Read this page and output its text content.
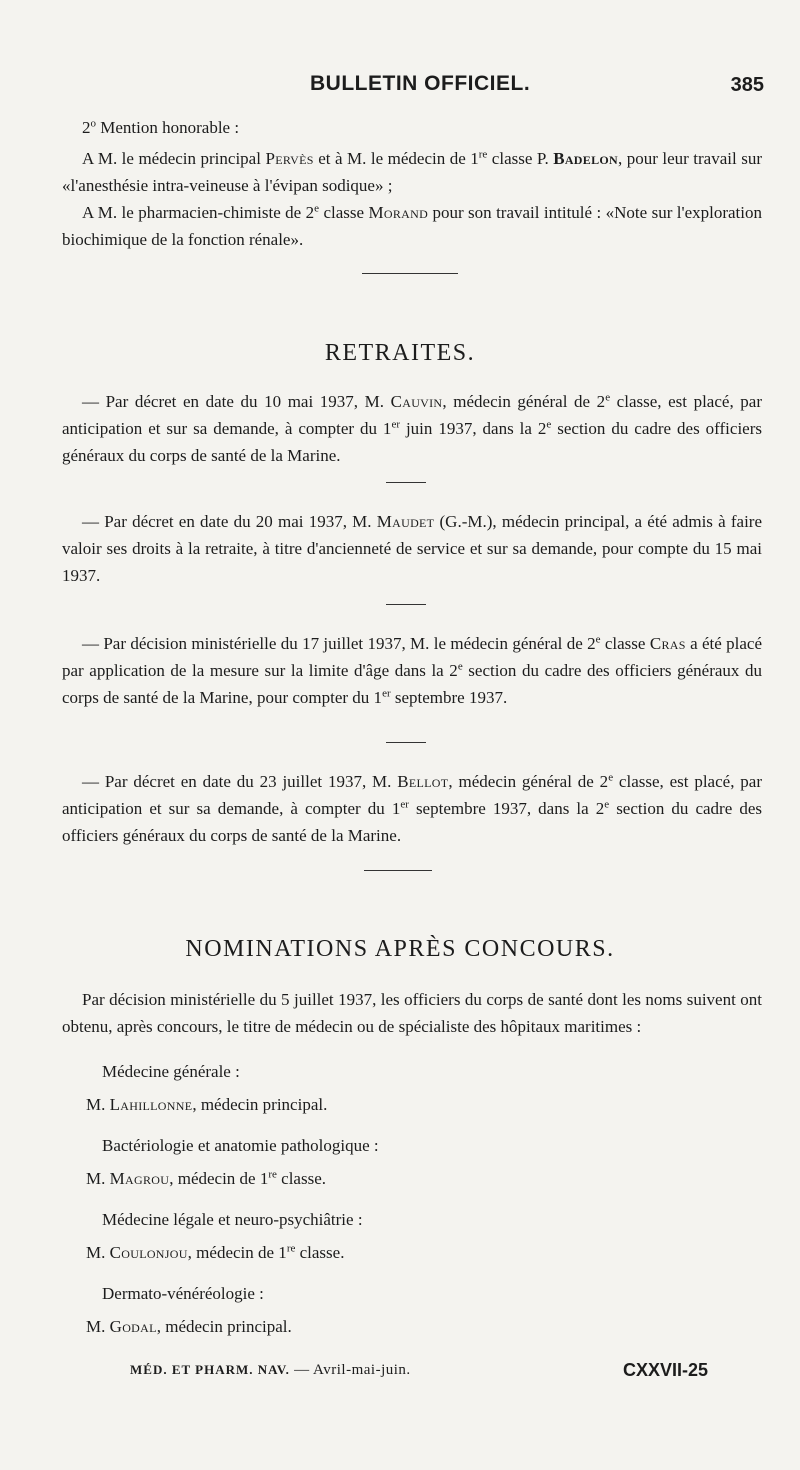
BULLETIN OFFICIEL.	385

2$^o$ Mention honorable :

A M. le médecin principal Pervès et à M. le médecin de 1re classe P. Badelon, pour leur travail sur «l'anesthésie intra-veineuse à l'évipan sodique» ;

A M. le pharmacien-chimiste de 2e classe Morand pour son travail intitulé : «Note sur l'exploration biochimique de la fonction rénale».

RETRAITES.

— Par décret en date du 10 mai 1937, M. Cauvin, médecin général de 2e classe, est placé, par anticipation et sur sa demande, à compter du 1er juin 1937, dans la 2e section du cadre des officiers généraux du corps de santé de la Marine.

— Par décret en date du 20 mai 1937, M. Maudet (G.-M.), médecin principal, a été admis à faire valoir ses droits à la retraite, à titre d'ancienneté de service et sur sa demande, pour compte du 15 mai 1937.

— Par décision ministérielle du 17 juillet 1937, M. le médecin général de 2e classe Cras a été placé par application de la mesure sur la limite d'âge dans la 2e section du cadre des officiers généraux du corps de santé de la Marine, pour compter du 1er septembre 1937.

— Par décret en date du 23 juillet 1937, M. Bellot, médecin général de 2e classe, est placé, par anticipation et sur sa demande, à compter du 1er septembre 1937, dans la 2e section du cadre des officiers généraux du corps de santé de la Marine.

NOMINATIONS APRÈS CONCOURS.

Par décision ministérielle du 5 juillet 1937, les officiers du corps de santé dont les noms suivent ont obtenu, après concours, le titre de médecin ou de spécialiste des hôpitaux maritimes :

Médecine générale :

M. Lahillonne, médecin principal.

Bactériologie et anatomie pathologique :

M. Magrou, médecin de 1re classe.

Médecine légale et neuro-psychiâtrie :

M. Coulonjou, médecin de 1re classe.

Dermato-vénéréologie :

M. Godal, médecin principal.

MÉD. ET PHARM. NAV. — Avril-mai-juin.	CXXVII-25
